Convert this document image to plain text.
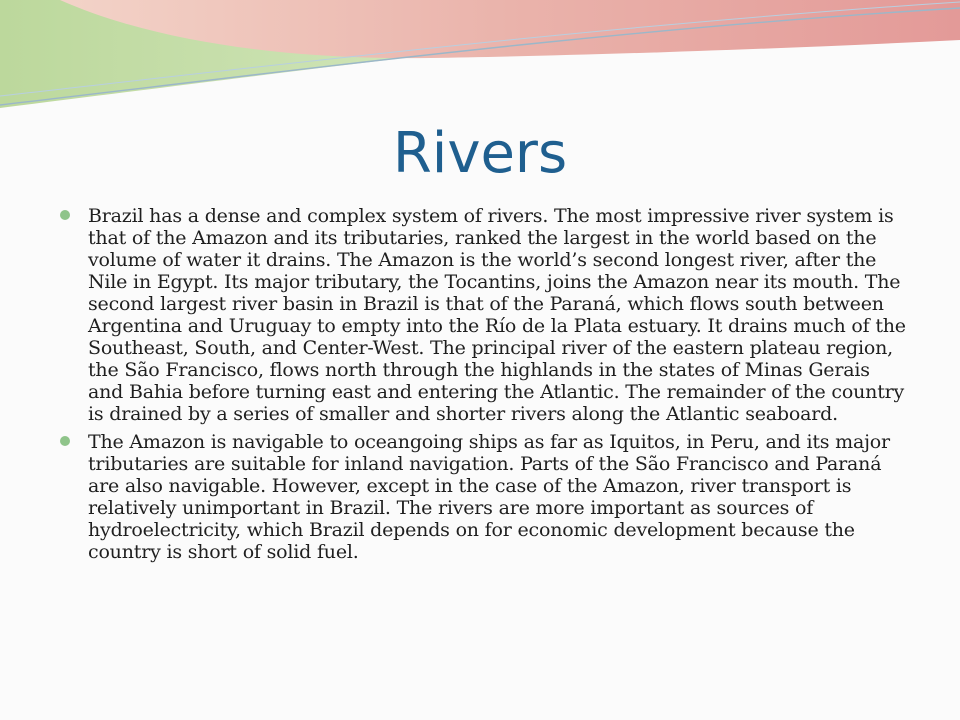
Rivers
Brazil has a dense and complex system of rivers. The most impressive river system is that of the Amazon and its tributaries, ranked the largest in the world based on the volume of water it drains. The Amazon is the world’s second longest river, after the Nile in Egypt. Its major tributary, the Tocantins, joins the Amazon near its mouth. The second largest river basin in Brazil is that of the Paraná, which flows south between Argentina and Uruguay to empty into the Río de la Plata estuary. It drains much of the Southeast, South, and Center-West. The principal river of the eastern plateau region, the São Francisco, flows north through the highlands in the states of Minas Gerais and Bahia before turning east and entering the Atlantic. The remainder of the country is drained by a series of smaller and shorter rivers along the Atlantic seaboard.
The Amazon is navigable to oceangoing ships as far as Iquitos, in Peru, and its major tributaries are suitable for inland navigation. Parts of the São Francisco and Paraná are also navigable. However, except in the case of the Amazon, river transport is relatively unimportant in Brazil. The rivers are more important as sources of hydroelectricity, which Brazil depends on for economic development because the country is short of solid fuel.
